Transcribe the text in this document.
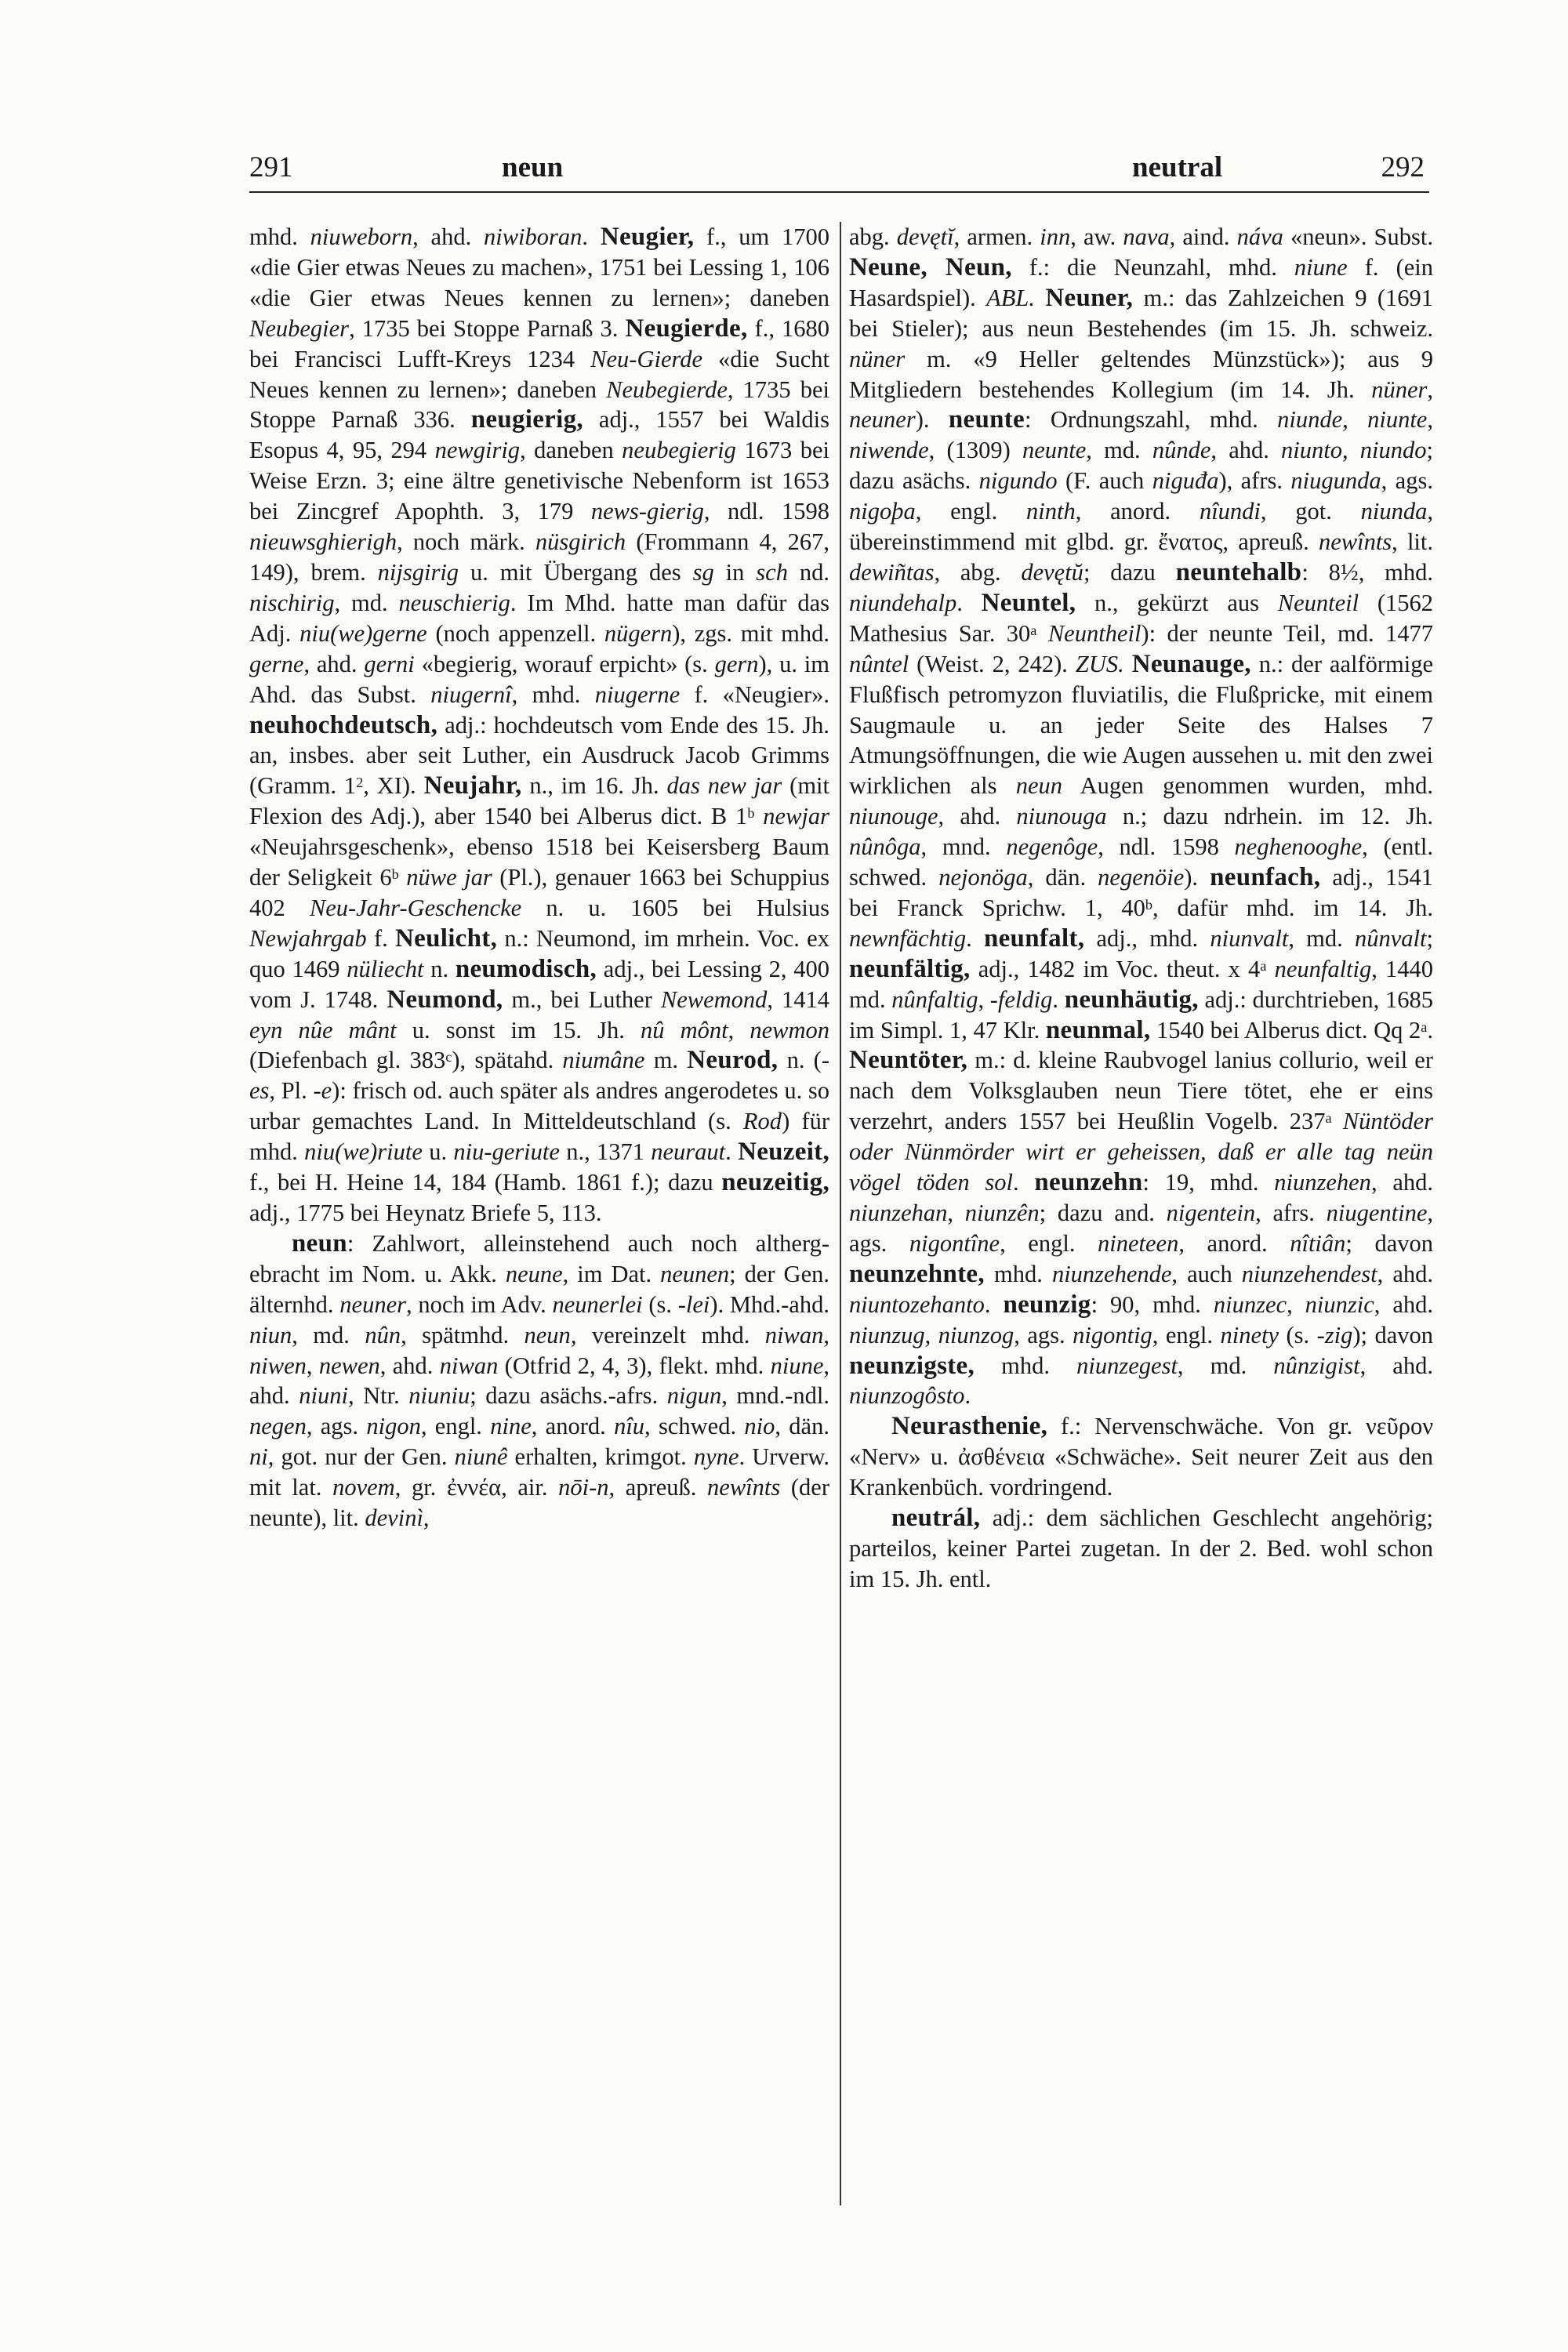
291	neun	neutral	292

mhd. niuweborn, ahd. niwiboran. Neugier, f., um 1700 «die Gier etwas Neues zu machen», 1751 bei Lessing 1, 106 «die Gier etwas Neues kennen zu lernen»; daneben Neubegier, 1735 bei Stoppe Parnaß 3. Neugierde, f., 1680 bei Francisci Lufft-Kreys 1234 Neu-Gierde «die Sucht Neues kennen zu lernen»; daneben Neubegierde, 1735 bei Stoppe Parnaß 336. neugierig, adj., 1557 bei Waldis Esopus 4, 95, 294 newgirig, daneben neubegierig 1673 bei Weise Erzn. 3; eine ältre genetivische Nebenform ist 1653 bei Zincgref Apophth. 3, 179 news-gierig, ndl. 1598 nieuwsghierigh, noch märk. nüsgirich (Frommann 4, 267, 149), brem. nijsgirig u. mit Übergang des sg in sch nd. nischirig, md. neuschierig. Im Mhd. hatte man dafür das Adj. niu(we)gerne (noch appenzell. nügern), zgs. mit mhd. gerne, ahd. gerni «begierig, worauf erpicht» (s. gern), u. im Ahd. das Subst. niugernî, mhd. niugerne f. «Neugier». neuhochdeutsch, adj.: hochdeutsch vom Ende des 15. Jh. an, insbes. aber seit Luther, ein Ausdruck Jacob Grimms (Gramm. $1^2$, XI). Neujahr, n., im 16. Jh. das new jar (mit Flexion des Adj.), aber 1540 bei Alberus dict. B 1$^b$ newjar «Neujahrsgeschenk», ebenso 1518 bei Keisersberg Baum der Seligkeit 6$^b$ nüwe jar (Pl.), genauer 1663 bei Schuppius 402 Neu-Jahr-Geschencke n. u. 1605 bei Hulsius Newjahrgab f. Neulicht, n.: Neumond, im mrhein. Voc. ex quo 1469 nüliecht n. neumodisch, adj., bei Lessing 2, 400 vom J. 1748. Neumond, m., bei Luther Newemond, 1414 eyn nûe mânt u. sonst im 15. Jh. nû mônt, newmon (Diefenbach gl. 383$^c$), spätahd. niumâne m. Neurod, n. (-es, Pl. -e): frisch od. auch später als andres angerodetes u. so urbar gemachtes Land. In Mitteldeutschland (s. Rod) für mhd. niu(we)riute u. niu-geriute n., 1371 neuraut. Neuzeit, f., bei H. Heine 14, 184 (Hamb. 1861 f.); dazu neuzeitig, adj., 1775 bei Heynatz Briefe 5, 113.

neun: Zahlwort, alleinstehend auch noch althergebracht im Nom. u. Akk. neune, im Dat. neunen; der Gen. älternhd. neuner, noch im Adv. neunerlei (s. -lei). Mhd.-ahd. niun, md. nûn, spätmhd. neun, vereinzelt mhd. niwan, niwen, newen, ahd. niwan (Otfrid 2, 4, 3), flekt. mhd. niune, ahd. niuni, Ntr. niuniu; dazu asächs.-afrs. nigun, mnd.-ndl. negen, ags. nigon, engl. nine, anord. nîu, schwed. nio, dän. ni, got. nur der Gen. niunê erhalten, krimgot. nyne. Urverw. mit lat. novem, gr. ἐννέα, air. nōi-n, apreuß. newînts (der neunte), lit. devinì,

abg. devętĭ, armen. inn, aw. nava, aind. náva «neun». Subst. Neune, Neun, f.: die Neunzahl, mhd. niune f. (ein Hasardspiel). ABL. Neuner, m.: das Zahlzeichen 9 (1691 bei Stieler); aus neun Bestehendes (im 15. Jh. schweiz. nüner m. «9 Heller geltendes Münzstück»); aus 9 Mitgliedern bestehendes Kollegium (im 14. Jh. nüner, neuner). neunte: Ordnungszahl, mhd. niunde, niunte, niwende, (1309) neunte, md. nûnde, ahd. niunto, niundo; dazu asächs. nigundo (F. auch niguđa), afrs. niugunda, ags. nigoþa, engl. ninth, anord. nîundi, got. niunda, übereinstimmend mit glbd. gr. ἔνατος, apreuß. newînts, lit. dewiñtas, abg. devętŭ; dazu neuntehalb: 8½, mhd. niundehalp. Neuntel, n., gekürzt aus Neunteil (1562 Mathesius Sar. 30$^a$ Neuntheil): der neunte Teil, md. 1477 nûntel (Weist. 2, 242). ZUS. Neunauge, n.: der aalförmige Flußfisch petromyzon fluviatilis, die Flußpricke, mit einem Saugmaule u. an jeder Seite des Halses 7 Atmungsöffnungen, die wie Augen aussehen u. mit den zwei wirklichen als neun Augen genommen wurden, mhd. niunouge, ahd. niunouga n.; dazu ndrhein. im 12. Jh. nûnôga, mnd. negenôge, ndl. 1598 neghenooghe, (entl. schwed. nejonöga, dän. negenöie). neunfach, adj., 1541 bei Franck Sprichw. 1, 40$^b$, dafür mhd. im 14. Jh. newnfächtig. neunfalt, adj., mhd. niunvalt, md. nûnvalt; neunfältig, adj., 1482 im Voc. theut. x 4$^a$ neunfaltig, 1440 md. nûnfaltig, -feldig. neunhäutig, adj.: durchtrieben, 1685 im Simpl. 1, 47 Klr. neunmal, 1540 bei Alberus dict. Qq 2$^a$. Neuntöter, m.: d. kleine Raubvogel lanius collurio, weil er nach dem Volksglauben neun Tiere tötet, ehe er eins verzehrt, anders 1557 bei Heußlin Vogelb. 237$^a$ Nüntöder oder Nünmörder wirt er geheissen, daß er alle tag neün vögel töden sol. neunzehn: 19, mhd. niunzehen, ahd. niunzehan, niunzên; dazu and. nigentein, afrs. niugentine, ags. nigontîne, engl. nineteen, anord. nîtiân; davon neunzehnte, mhd. niunzehende, auch niunzehendest, ahd. niuntozehanto. neunzig: 90, mhd. niunzec, niunzic, ahd. niunzug, niunzog, ags. nigontig, engl. ninety (s. -zig); davon neunzigste, mhd. niunzegest, md. nûnzigist, ahd. niunzogôsto.

Neurasthenie, f.: Nervenschwäche. Von gr. νεῦρον «Nerv» u. ἀσθένεια «Schwäche». Seit neurer Zeit aus den Krankenbüch. vordringend.

neutrál, adj.: dem sächlichen Geschlecht angehörig; parteilos, keiner Partei zugetan. In der 2. Bed. wohl schon im 15. Jh. entl.
